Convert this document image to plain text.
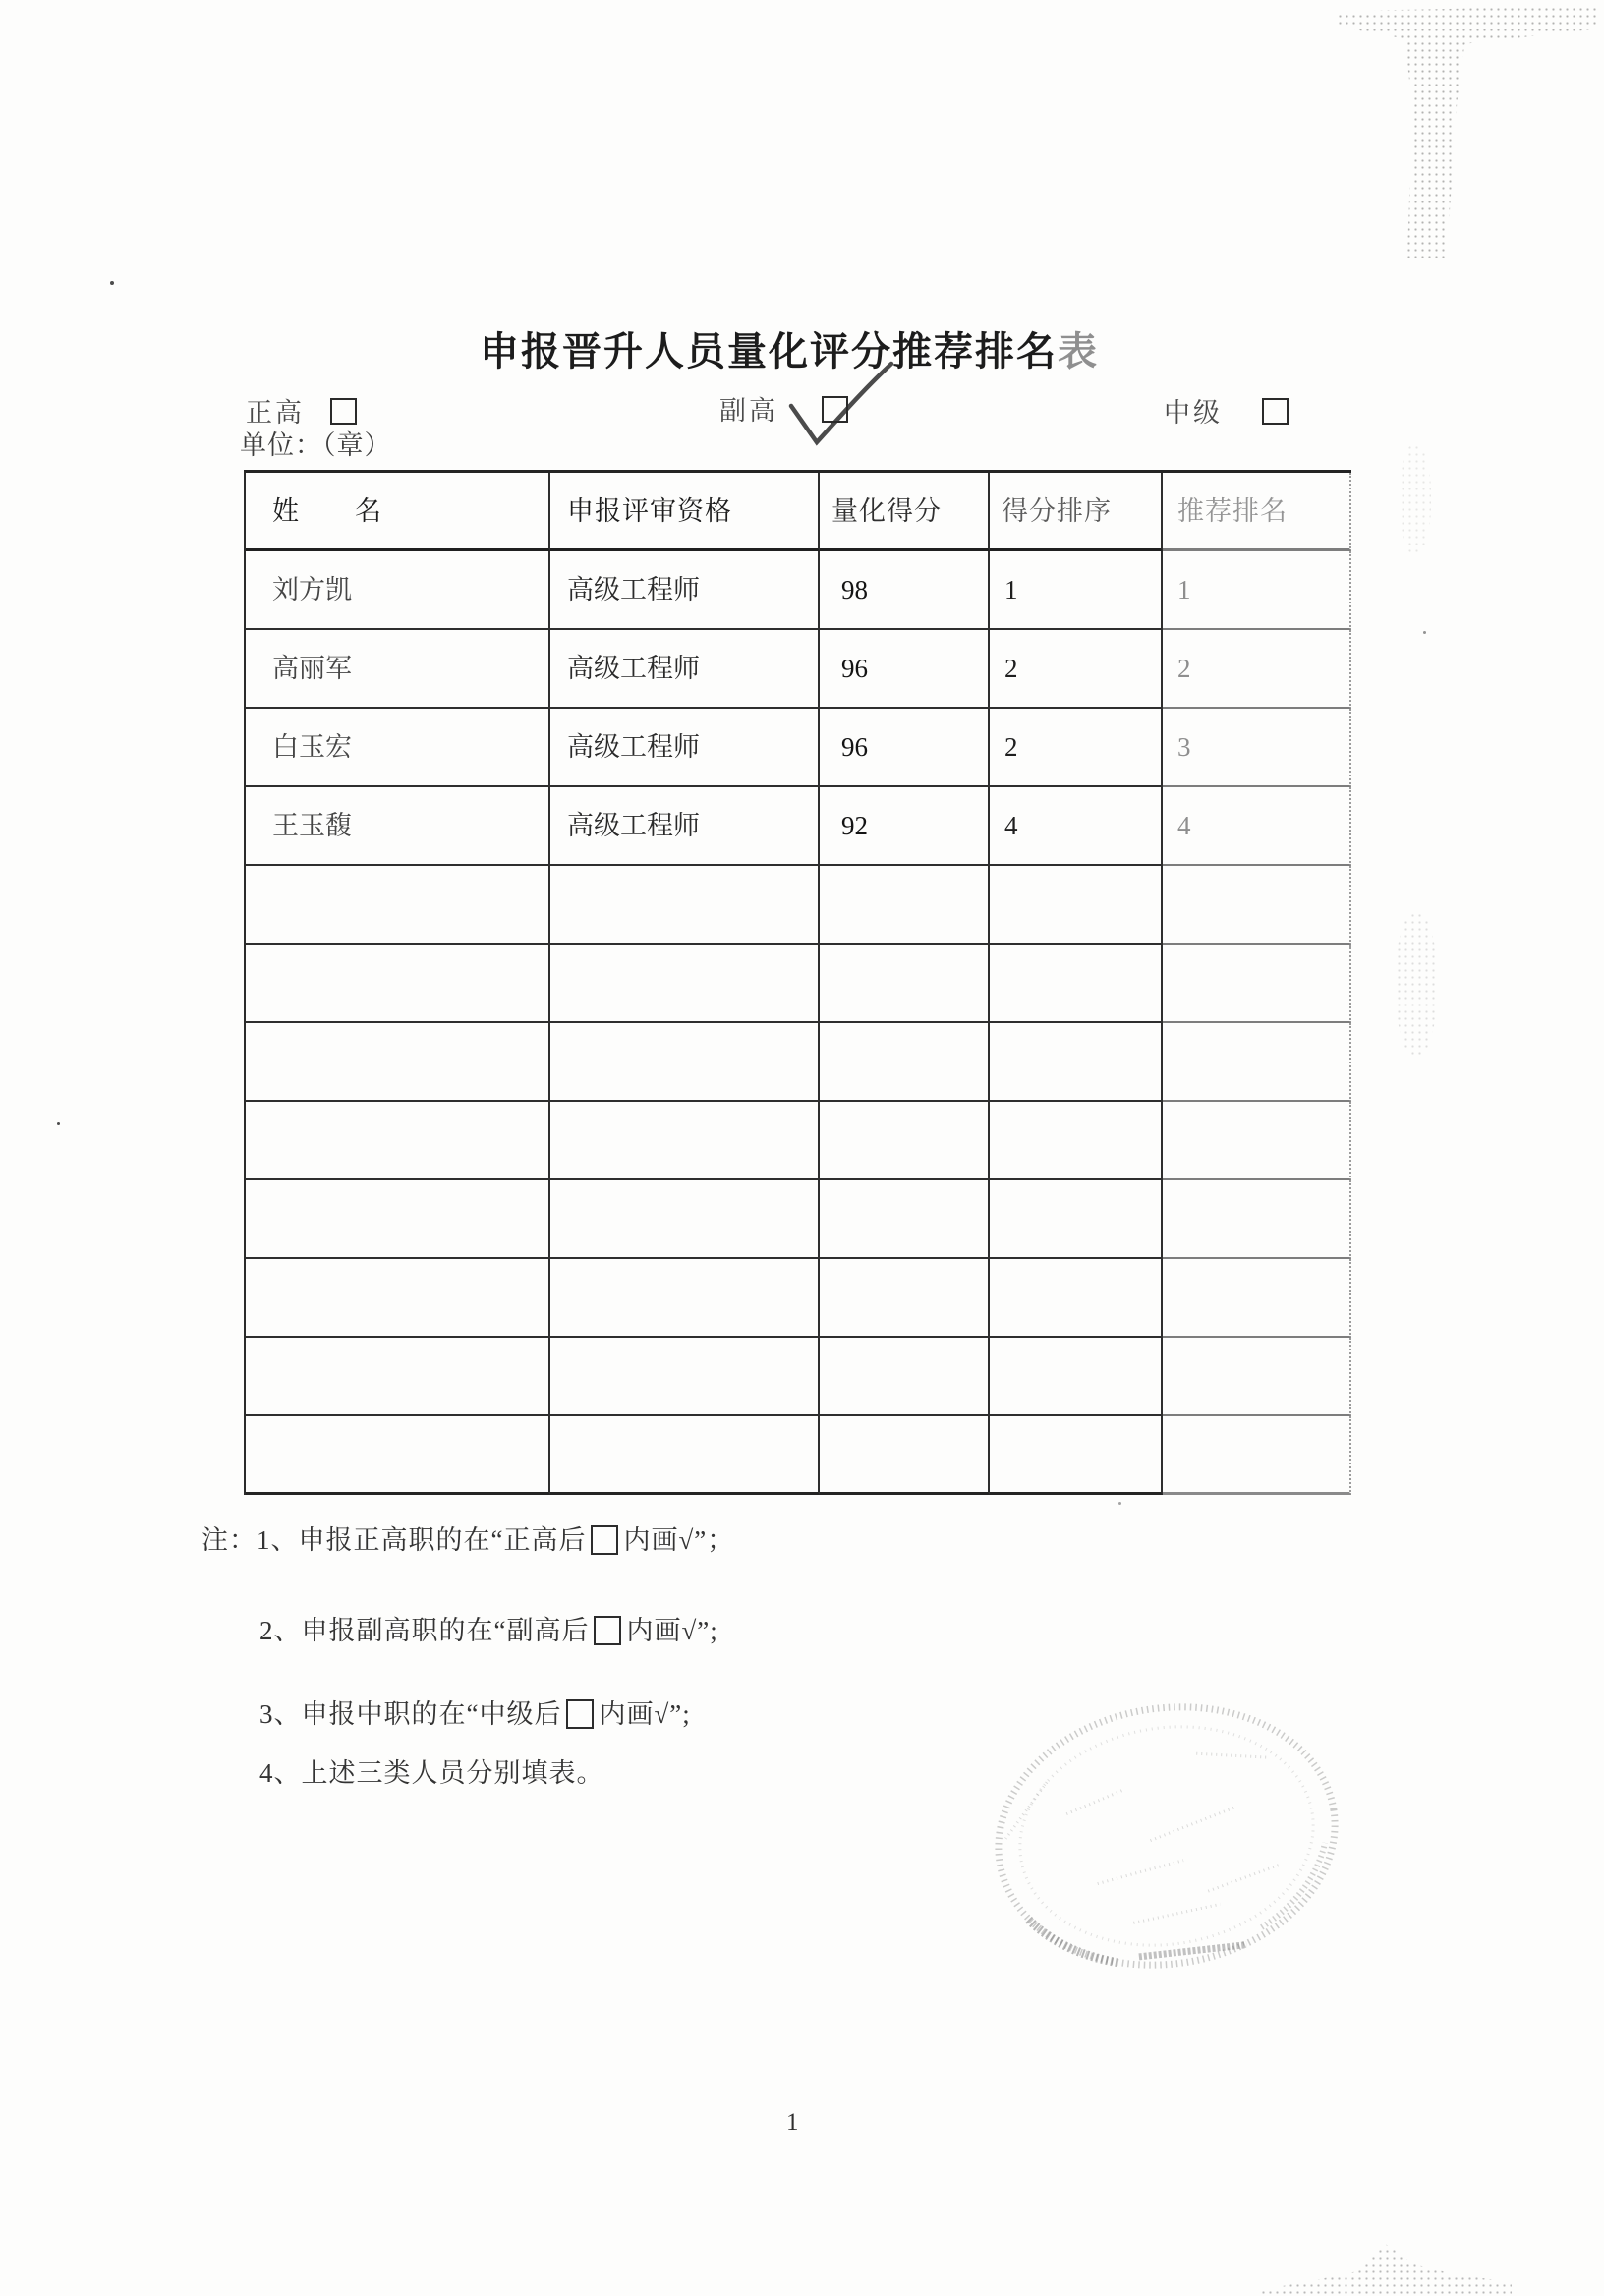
申报晋升人员量化评分推荐排名表
正高	副高	中级
单位：（章）
姓　　名	申报评审资格	量化得分	得分排序	推荐排名
刘方凯	高级工程师	98	1	1
高丽军	高级工程师	96	2	2
白玉宏	高级工程师	96	2	3
王玉馥	高级工程师	92	4	4
注：1、申报正高职的在“正高后 内画√”；
2、申报副高职的在“副高后 内画√”;
3、申报中职的在“中级后 内画√”;
4、上述三类人员分别填表。
1
